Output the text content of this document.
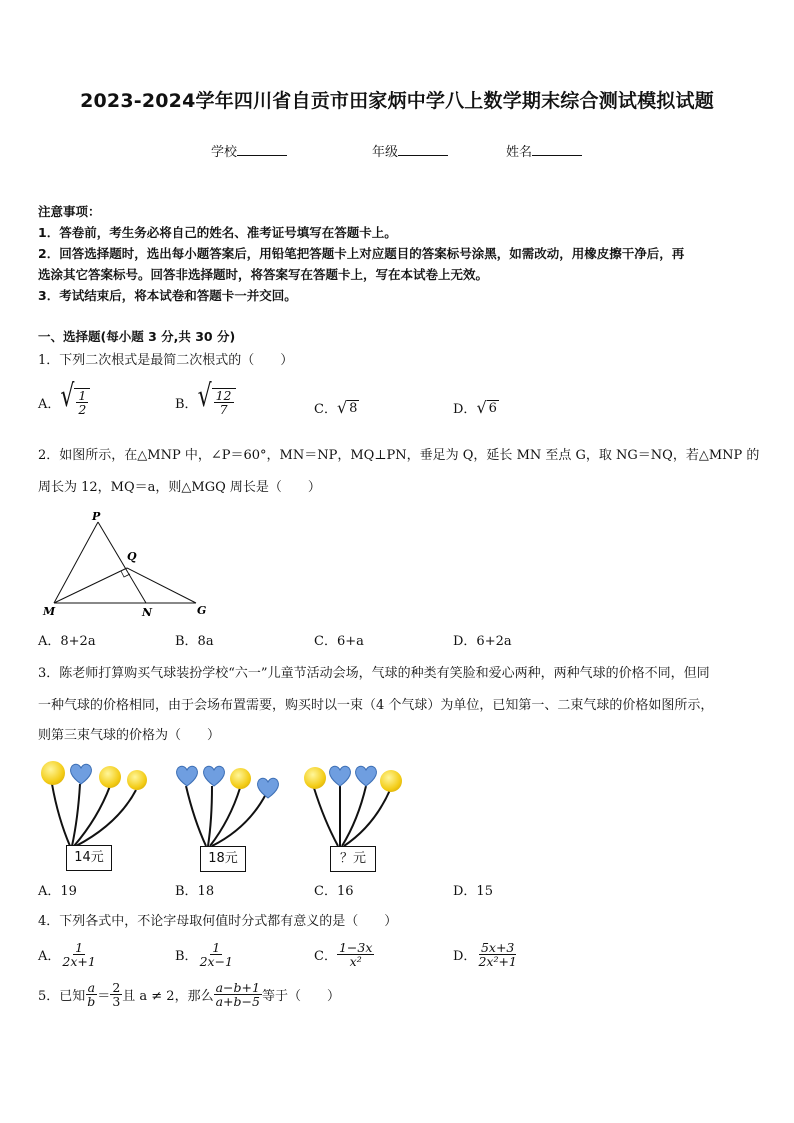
2023-2024学年四川省自贡市田家炳中学八上数学期末综合测试模拟试题
学校	年级	姓名
注意事项：
1．答卷前，考生务必将自己的姓名、准考证号填写在答题卡上。
2．回答选择题时，选出每小题答案后，用铅笔把答题卡上对应题目的答案标号涂黑，如需改动，用橡皮擦干净后，再
选涂其它答案标号。回答非选择题时，将答案写在答题卡上，写在本试卷上无效。
3．考试结束后，将本试卷和答题卡一并交回。
一、选择题(每小题 3 分,共 30 分)
1．下列二次根式是最简二次根式的（　　）
A． √ $\frac{1}{2}$	B． √ $\frac{12}{7}$	C． √ 8	D． √ 6
2．如图所示，在△MNP 中，∠P＝60°，MN＝NP，MQ⊥PN，垂足为 Q，延长 MN 至点 G，取 NG＝NQ，若△MNP 的
周长为 12，MQ＝a，则△MGQ 周长是（　　）
P
Q
M	N	G
A．8+2a	B．8a	C．6+a	D．6+2a
3．陈老师打算购买气球装扮学校“六一”儿童节活动会场，气球的种类有笑脸和爱心两种，两种气球的价格不同，但同
一种气球的价格相同，由于会场布置需要，购买时以一束（4 个气球）为单位，已知第一、二束气球的价格如图所示，
则第三束气球的价格为（　　）
14元	18元	？元
A．19	B．18	C．16	D．15
4．下列各式中，不论字母取何值时分式都有意义的是（　　）
A． $\frac{1}{2x+1}$	B． $\frac{1}{2x-1}$	C． $\frac{1-3x}{\text{x²}}$	D． $\frac{5x+3}{\text{2x²+1}}$
5．已知 $\frac{a}{b} = \frac{2}{3}$ 且 a ≠ 2，那么 $\frac{a-b+1}{a+b-5}$ 等于（　　）
